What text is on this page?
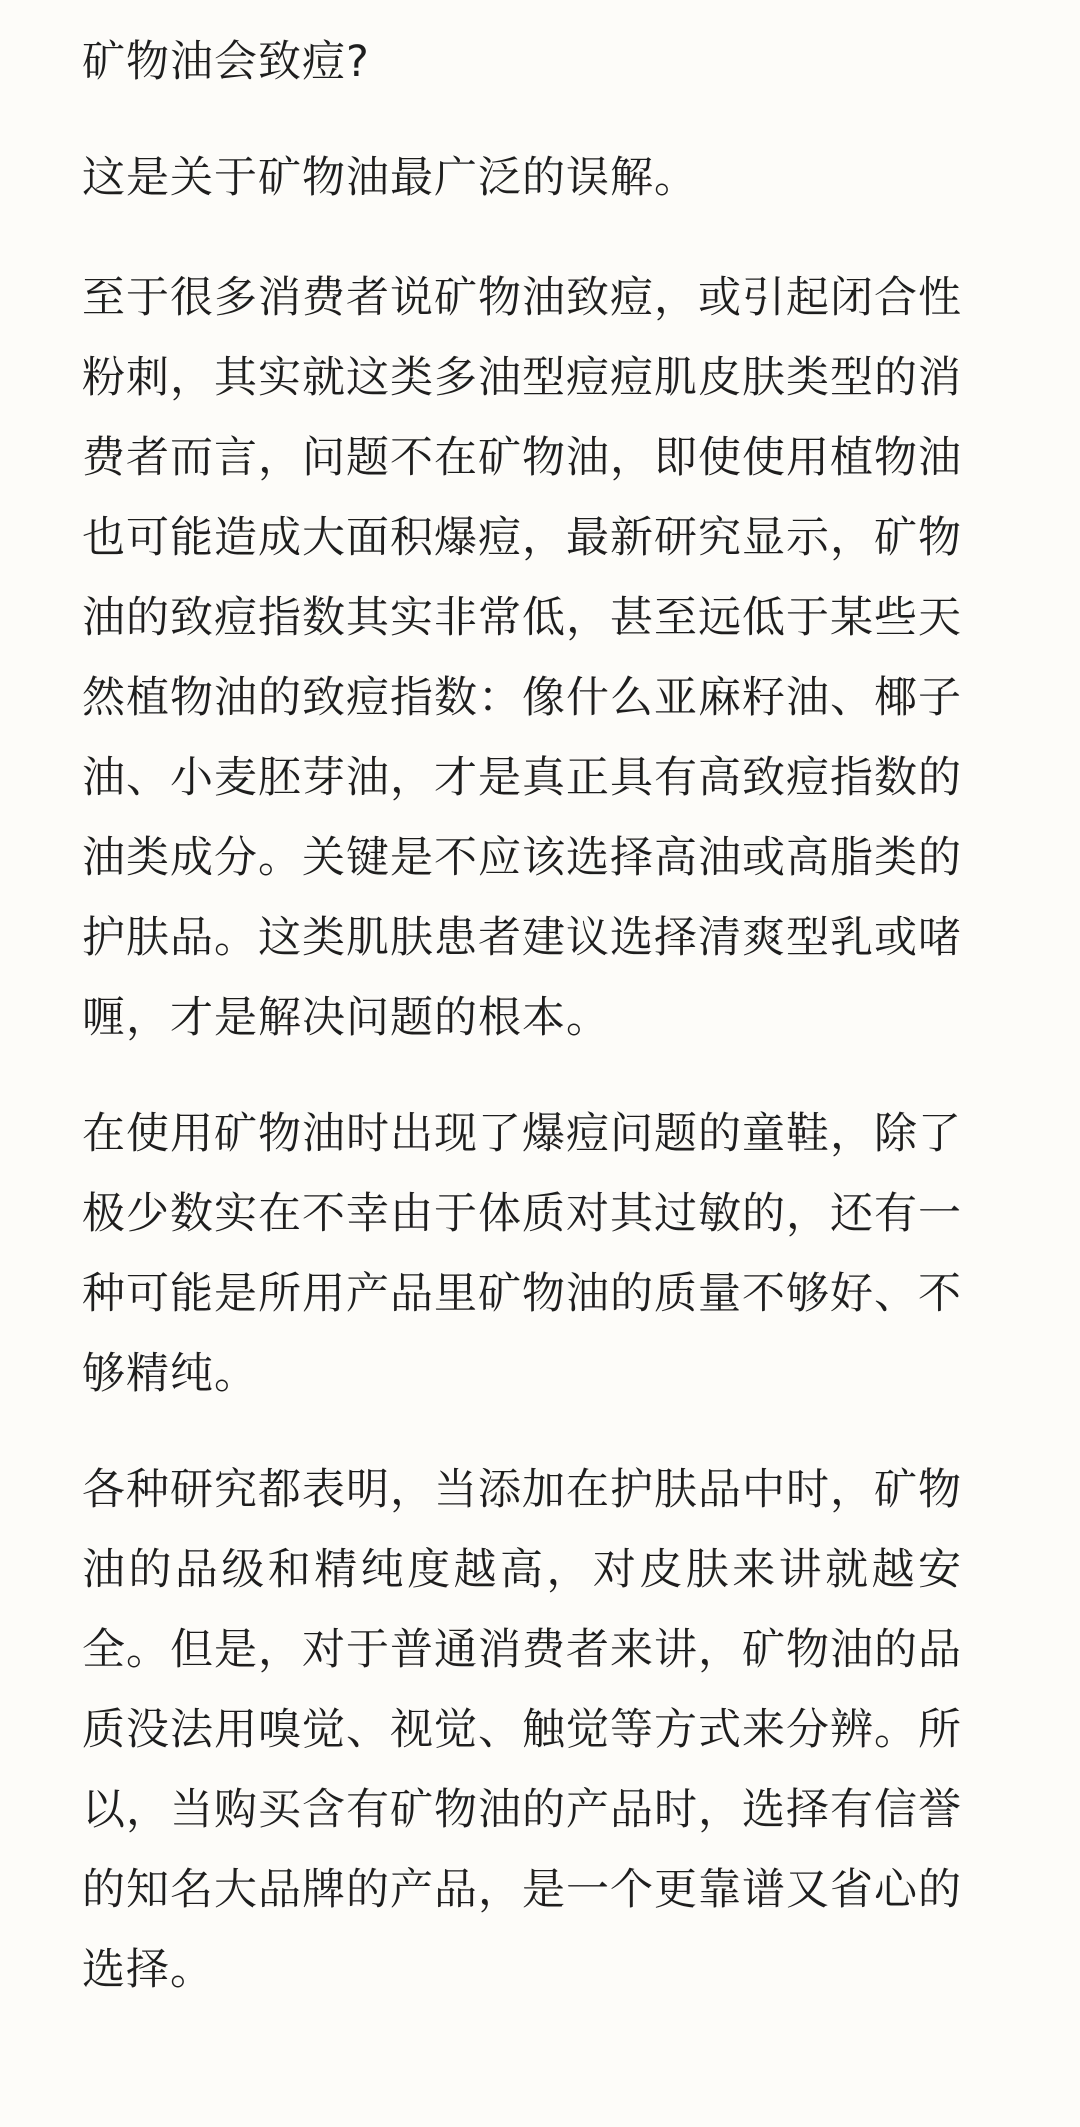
矿物油会致痘?

这是关于矿物油最广泛的误解。

至于很多消费者说矿物油致痘，或引起闭合性粉刺，其实就这类多油型痘痘肌皮肤类型的消费者而言，问题不在矿物油，即使使用植物油也可能造成大面积爆痘，最新研究显示，矿物油的致痘指数其实非常低，甚至远低于某些天然植物油的致痘指数：像什么亚麻籽油、椰子油、小麦胚芽油，才是真正具有高致痘指数的油类成分。关键是不应该选择高油或高脂类的护肤品。这类肌肤患者建议选择清爽型乳或啫喱，才是解决问题的根本。

在使用矿物油时出现了爆痘问题的童鞋，除了极少数实在不幸由于体质对其过敏的，还有一种可能是所用产品里矿物油的质量不够好、不够精纯。

各种研究都表明，当添加在护肤品中时，矿物油的品级和精纯度越高，对皮肤来讲就越安全。但是，对于普通消费者来讲，矿物油的品质没法用嗅觉、视觉、触觉等方式来分辨。所以，当购买含有矿物油的产品时，选择有信誉的知名大品牌的产品，是一个更靠谱又省心的选择。
